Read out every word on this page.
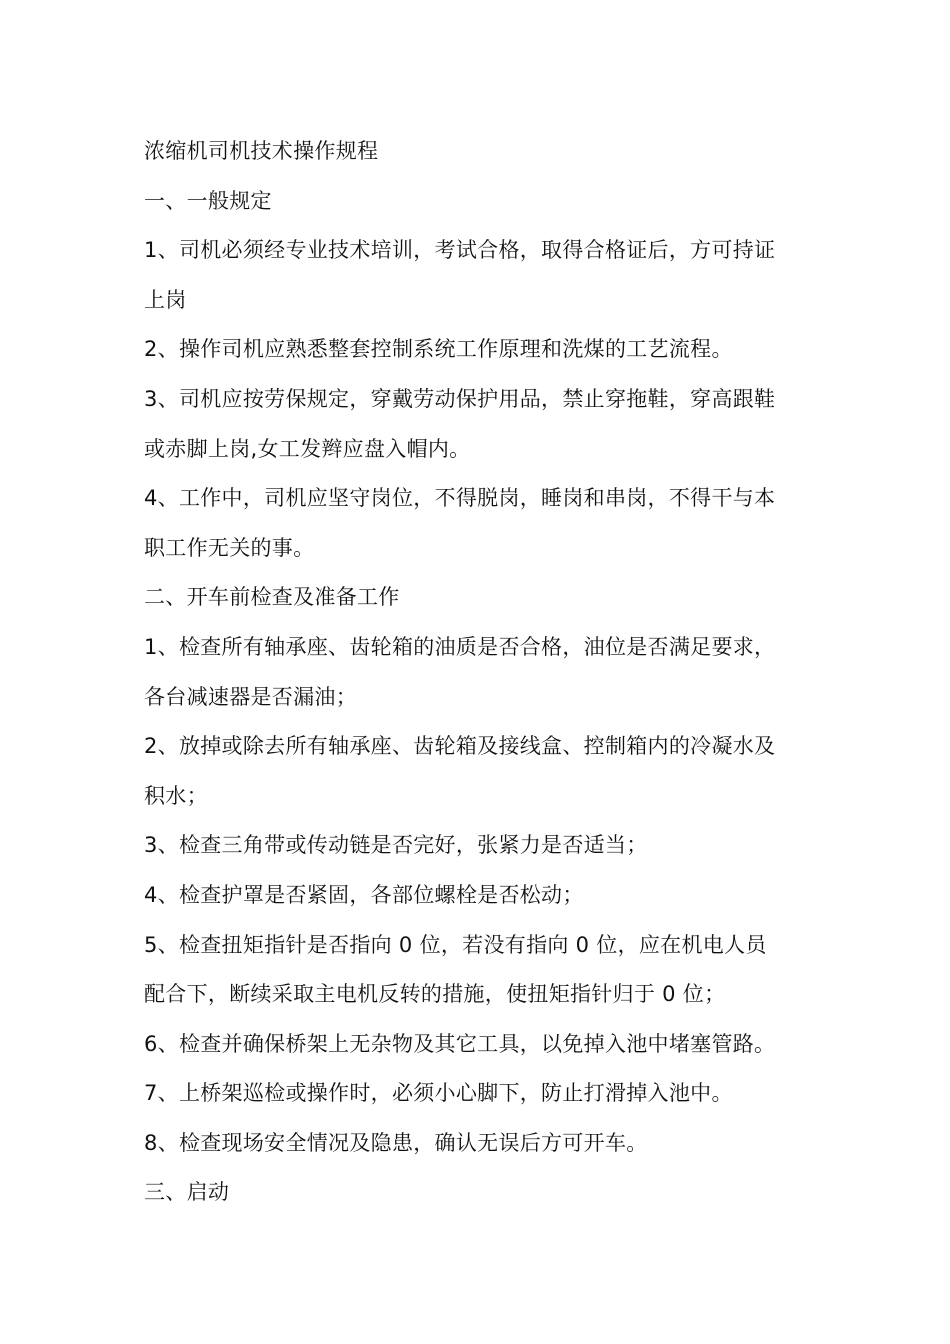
浓缩机司机技术操作规程
一、一般规定
1、司机必须经专业技术培训，考试合格，取得合格证后，方可持证
上岗
2、操作司机应熟悉整套控制系统工作原理和洗煤的工艺流程。
3、司机应按劳保规定，穿戴劳动保护用品，禁止穿拖鞋，穿高跟鞋
或赤脚上岗,女工发辫应盘入帽内。
4、工作中，司机应坚守岗位，不得脱岗，睡岗和串岗，不得干与本
职工作无关的事。
二、开车前检查及准备工作
1、检查所有轴承座、齿轮箱的油质是否合格，油位是否满足要求，
各台减速器是否漏油；
2、放掉或除去所有轴承座、齿轮箱及接线盒、控制箱内的冷凝水及
积水；
3、检查三角带或传动链是否完好，张紧力是否适当；
4、检查护罩是否紧固，各部位螺栓是否松动；
5、检查扭矩指针是否指向 0 位，若没有指向 0 位，应在机电人员
配合下，断续采取主电机反转的措施，使扭矩指针归于 0 位；
6、检查并确保桥架上无杂物及其它工具，以免掉入池中堵塞管路。
7、上桥架巡检或操作时，必须小心脚下，防止打滑掉入池中。
8、检查现场安全情况及隐患，确认无误后方可开车。
三、启动
